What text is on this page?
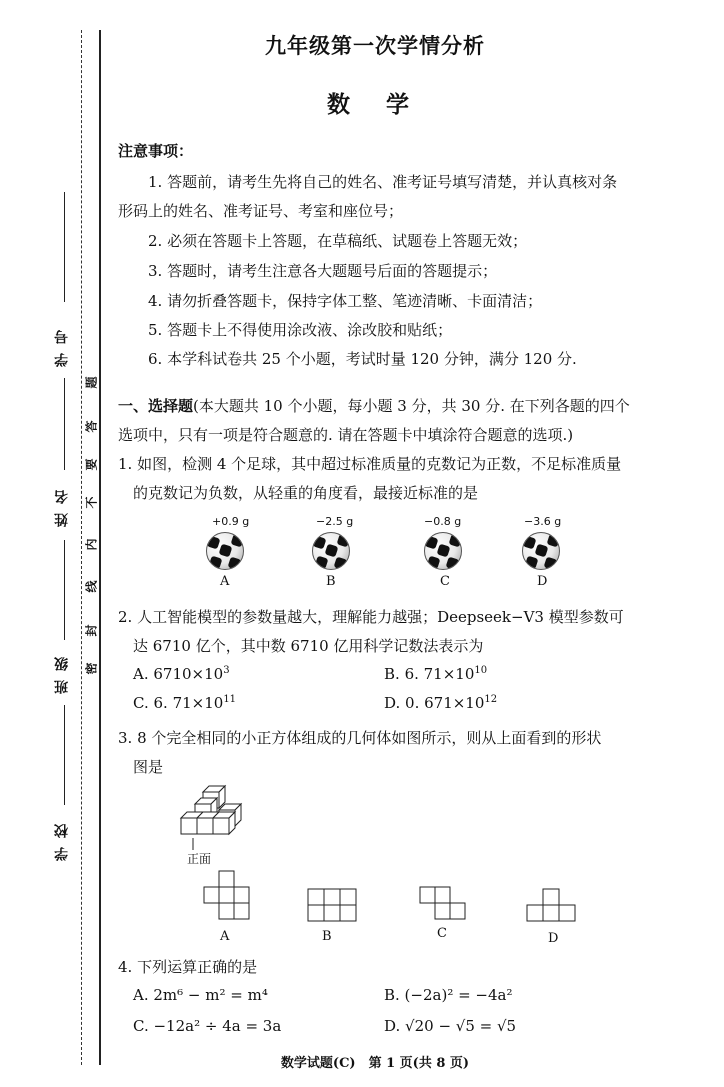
学 号
姓 名
班 级
学 校
题
答
要
不
内
线
封
密
九年级第一次学情分析
数 学
注意事项：
1. 答题前，请考生先将自己的姓名、准考证号填写清楚，并认真核对条
形码上的姓名、准考证号、考室和座位号；
2. 必须在答题卡上答题，在草稿纸、试题卷上答题无效；
3. 答题时，请考生注意各大题题号后面的答题提示；
4. 请勿折叠答题卡，保持字体工整、笔迹清晰、卡面清洁；
5. 答题卡上不得使用涂改液、涂改胶和贴纸；
6. 本学科试卷共 25 个小题，考试时量 120 分钟，满分 120 分.
一、选择题(本大题共 10 个小题，每小题 3 分，共 30 分. 在下列各题的四个
选项中，只有一项是符合题意的. 请在答题卡中填涂符合题意的选项.)
1. 如图，检测 4 个足球，其中超过标准质量的克数记为正数，不足标准质量
的克数记为负数，从轻重的角度看，最接近标准的是
+0.9 g
A
−2.5 g
B
−0.8 g
C
−3.6 g
D
2. 人工智能模型的参数量越大，理解能力越强；Deepseek−V3 模型参数可
达 6710 亿个，其中数 6710 亿用科学记数法表示为
A. $6710\times 10^3$	B. 6. $71\times 10^{10}$
C. 6. $71\times 10^{11}$	D. 0. $671\times 10^{12}$
3. 8 个完全相同的小正方体组成的几何体如图所示，则从上面看到的形状
图是
正面
A	B	C	D
4. 下列运算正确的是
A. 2m⁶ − m² = m⁴	B. (−2a)² = −4a²
C. −12a² ÷ 4a = 3a	D. √20 − √5 = √5
数学试题(C)　第 1 页(共 8 页)
